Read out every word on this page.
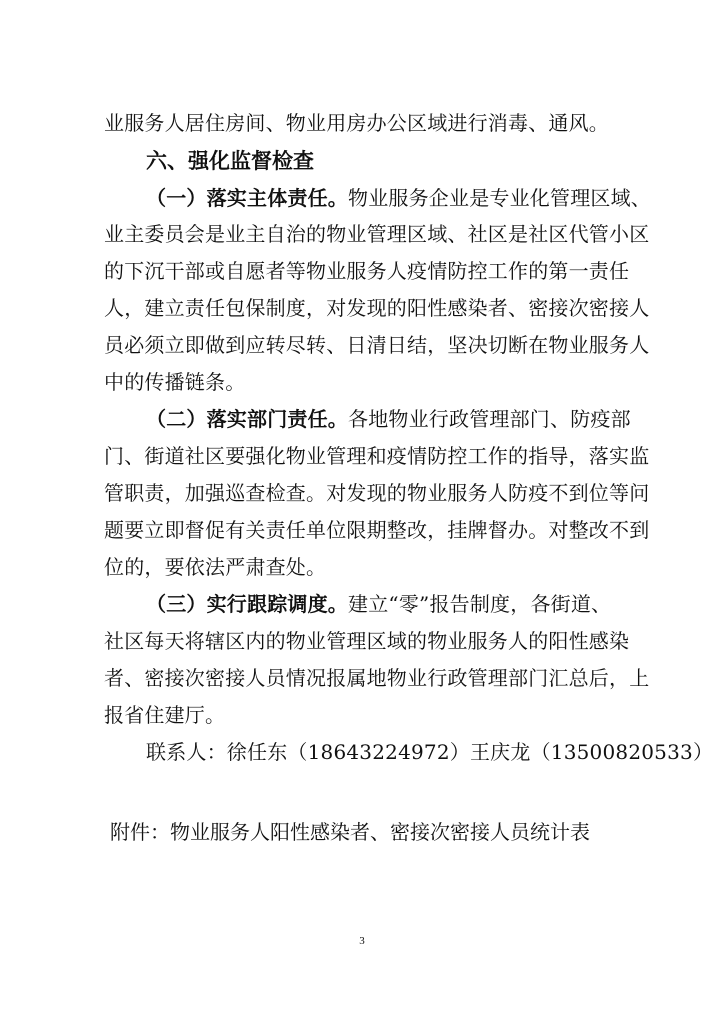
业服务人居住房间、物业用房办公区域进行消毒、通风。
六、强化监督检查
（一）落实主体责任。物业服务企业是专业化管理区域、
业主委员会是业主自治的物业管理区域、社区是社区代管小区
的下沉干部或自愿者等物业服务人疫情防控工作的第一责任
人，建立责任包保制度，对发现的阳性感染者、密接次密接人
员必须立即做到应转尽转、日清日结，坚决切断在物业服务人
中的传播链条。
（二）落实部门责任。各地物业行政管理部门、防疫部
门、街道社区要强化物业管理和疫情防控工作的指导，落实监
管职责，加强巡查检查。对发现的物业服务人防疫不到位等问
题要立即督促有关责任单位限期整改，挂牌督办。对整改不到
位的，要依法严肃查处。
（三）实行跟踪调度。建立“零”报告制度，各街道、
社区每天将辖区内的物业管理区域的物业服务人的阳性感染
者、密接次密接人员情况报属地物业行政管理部门汇总后，上
报省住建厅。
联系人：徐任东（18643224972）王庆龙（13500820533）
附件：物业服务人阳性感染者、密接次密接人员统计表
3
